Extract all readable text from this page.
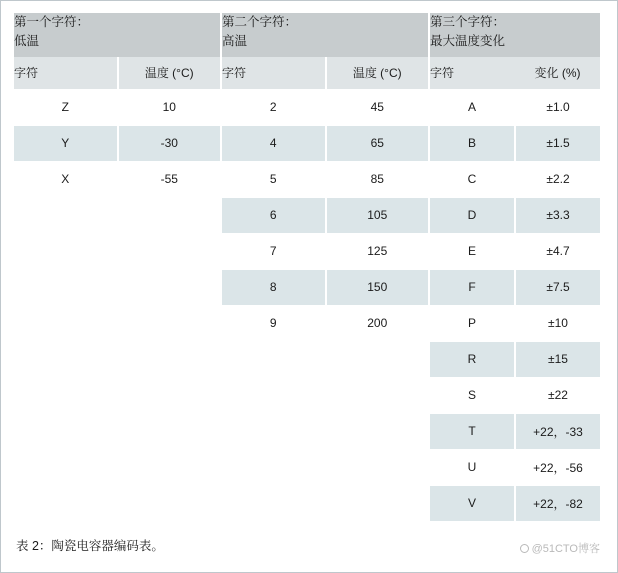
第一个字符：
低温	

字符	温度 (°C)
Z	10
Y	-30
X	-55
第二个字符：
高温	

字符	温度 (°C)
2	45
4	65
5	85
6	105
7	125
8	150
9	200
第三个字符：
最大温度变化	

字符	变化 (%)
A	±1.0
B	±1.5
C	±2.2
D	±3.3
E	±4.7
F	±7.5
P	±10
R	±15
S	±22
T	+22，-33
U	+22，-56
V	+22，-82
表 2：陶瓷电容器编码表。	@51CTO博客
